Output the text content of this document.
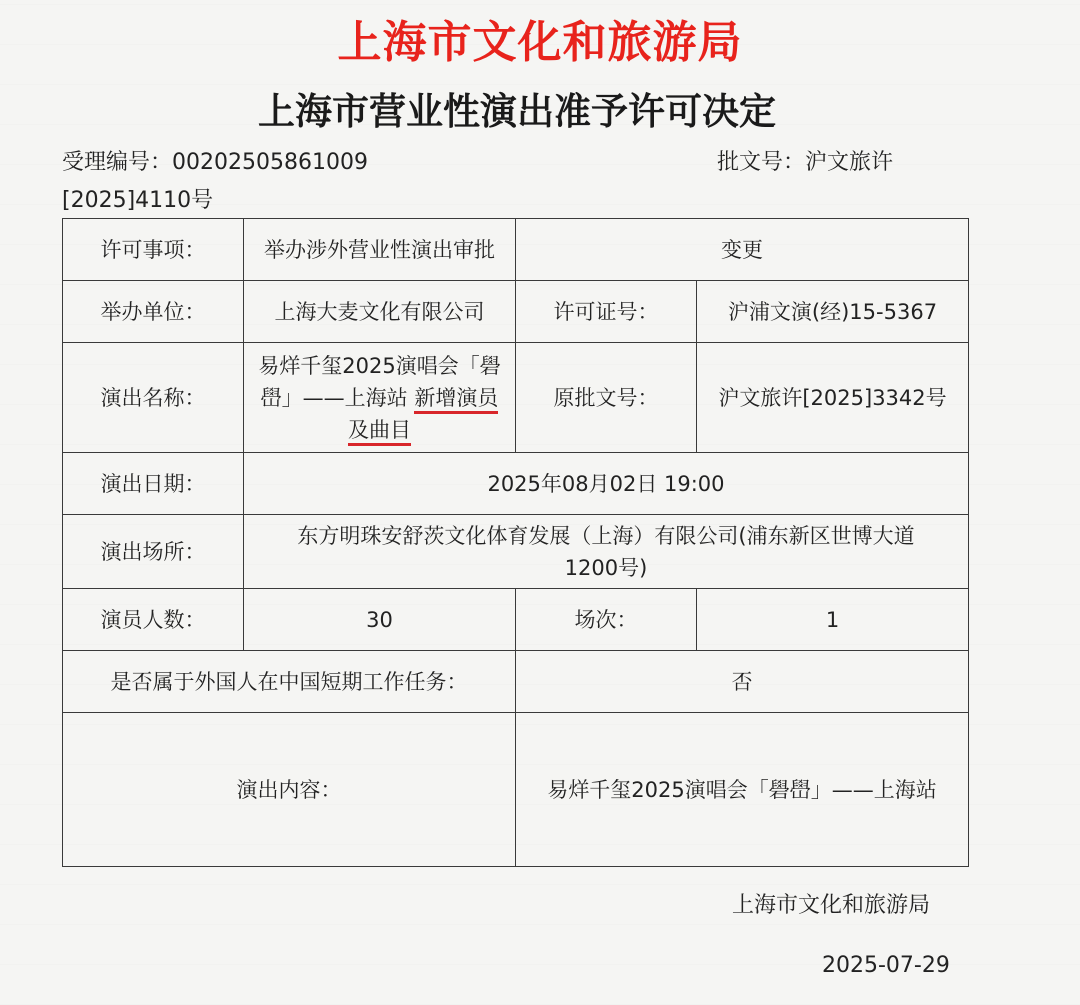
上海市文化和旅游局
上海市营业性演出准予许可决定
受理编号：00202505861009	批文号：沪文旅许
[2025]4110号
许可事项：	举办涉外营业性演出审批	变更	
举办单位：	上海大麦文化有限公司	许可证号：	沪浦文演(经)15-5367
演出名称：	易烊千玺2025演唱会「礐
嶨」——上海站 新增演员
及曲目	原批文号：	沪文旅许[2025]3342号
演出日期：	2025年08月02日 19:00		
演出场所：	东方明珠安舒茨文化体育发展（上海）有限公司(浦东新区世博大道
1200号)		

演员人数：	30	场次：	1
是否属于外国人在中国短期工作任务：		否	
演出内容：		易烊千玺2025演唱会「礐嶨」——上海站	
上海市文化和旅游局
2025-07-29
